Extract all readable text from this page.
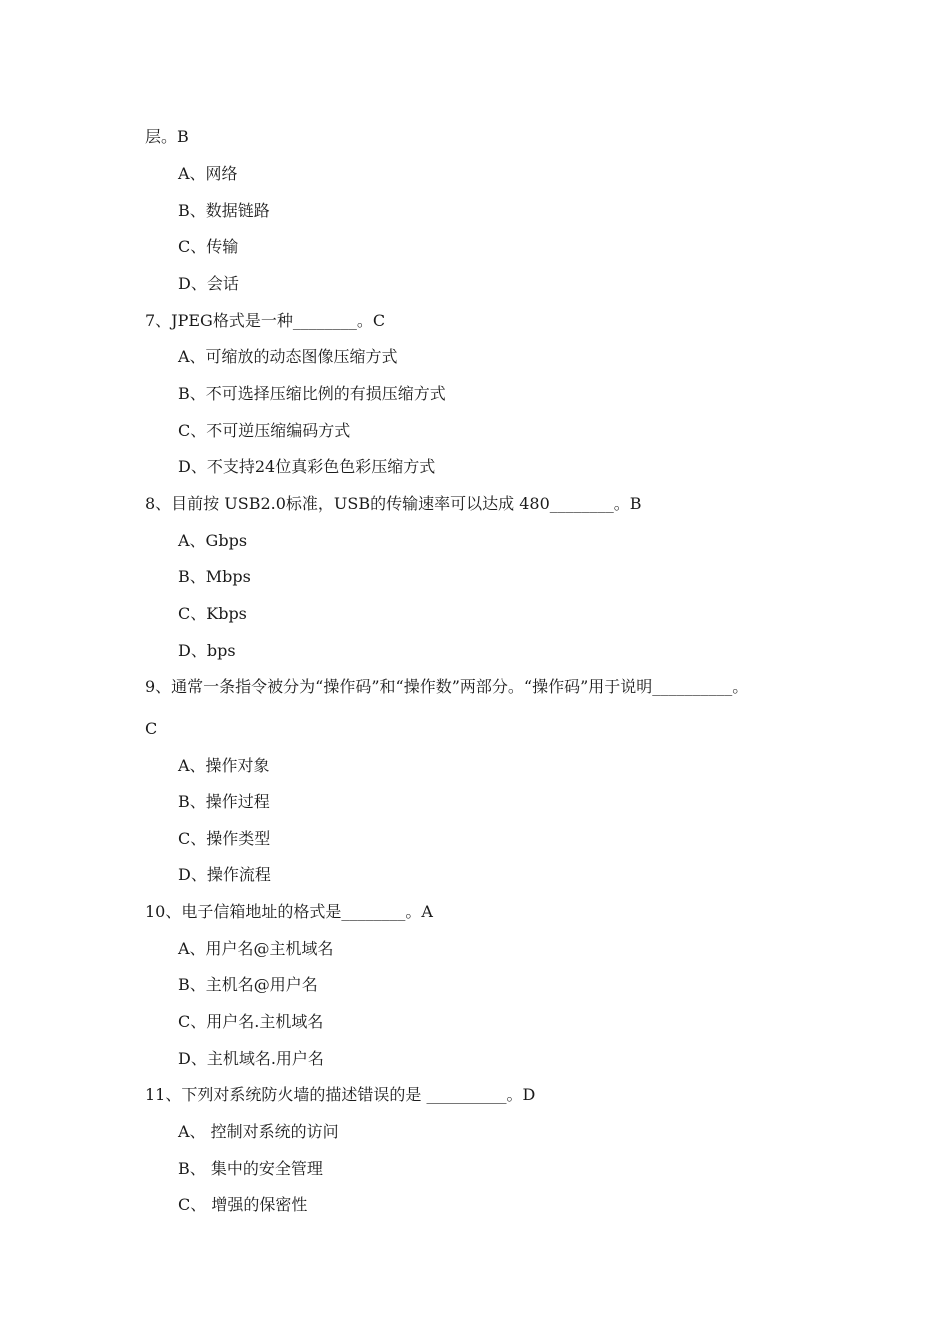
层。B
A、网络
B、数据链路
C、传输
D、会话
7、JPEG格式是一种________。C
A、可缩放的动态图像压缩方式
B、不可选择压缩比例的有损压缩方式
C、不可逆压缩编码方式
D、不支持24位真彩色色彩压缩方式
8、目前按 USB2.0标准，USB的传输速率可以达成 480________。B
A、Gbps
B、Mbps
C、Kbps
D、bps
9、通常一条指令被分为“操作码”和“操作数”两部分。“操作码”用于说明__________。
C
A、操作对象
B、操作过程
C、操作类型
D、操作流程
10、电子信箱地址的格式是________。A
A、用户名@主机域名
B、主机名@用户名
C、用户名.主机域名
D、主机域名.用户名
11、下列对系统防火墙的描述错误的是 __________。D
A、 控制对系统的访问
B、 集中的安全管理
C、 增强的保密性
